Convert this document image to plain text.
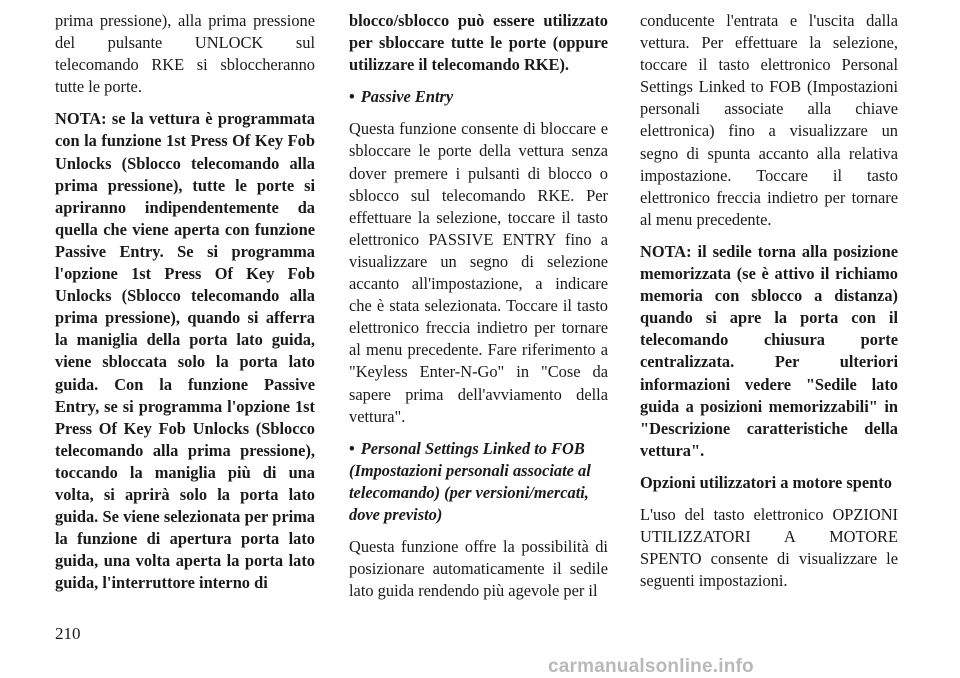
prima pressione), alla prima pressione del pulsante UNLOCK sul telecomando RKE si sbloccheranno tutte le porte.

NOTA: se la vettura è programmata con la funzione 1st Press Of Key Fob Unlocks (Sblocco telecomando alla prima pressione), tutte le porte si apriranno indipendentemente da quella che viene aperta con funzione Passive Entry. Se si programma l'opzione 1st Press Of Key Fob Unlocks (Sblocco telecomando alla prima pressione), quando si afferra la maniglia della porta lato guida, viene sbloccata solo la porta lato guida. Con la funzione Passive Entry, se si programma l'opzione 1st Press Of Key Fob Unlocks (Sblocco telecomando alla prima pressione), toccando la maniglia più di una volta, si aprirà solo la porta lato guida. Se viene selezionata per prima la funzione di apertura porta lato guida, una volta aperta la porta lato guida, l'interruttore interno di

blocco/sblocco può essere utilizzato per sbloccare tutte le porte (oppure utilizzare il telecomando RKE).

• Passive Entry

Questa funzione consente di bloccare e sbloccare le porte della vettura senza dover premere i pulsanti di blocco o sblocco sul telecomando RKE. Per effettuare la selezione, toccare il tasto elettronico PASSIVE ENTRY fino a visualizzare un segno di selezione accanto all'impostazione, a indicare che è stata selezionata. Toccare il tasto elettronico freccia indietro per tornare al menu precedente. Fare riferimento a "Keyless Enter-N-Go" in "Cose da sapere prima dell'avviamento della vettura".

• Personal Settings Linked to FOB (Impostazioni personali associate al telecomando) (per versioni/mercati, dove previsto)

Questa funzione offre la possibilità di posizionare automaticamente il sedile lato guida rendendo più agevole per il

conducente l'entrata e l'uscita dalla vettura. Per effettuare la selezione, toccare il tasto elettronico Personal Settings Linked to FOB (Impostazioni personali associate alla chiave elettronica) fino a visualizzare un segno di spunta accanto alla relativa impostazione. Toccare il tasto elettronico freccia indietro per tornare al menu precedente.

NOTA: il sedile torna alla posizione memorizzata (se è attivo il richiamo memoria con sblocco a distanza) quando si apre la porta con il telecomando chiusura porte centralizzata. Per ulteriori informazioni vedere "Sedile lato guida a posizioni memorizzabili" in "Descrizione caratteristiche della vettura".

Opzioni utilizzatori a motore spento

L'uso del tasto elettronico OPZIONI UTILIZZATORI A MOTORE SPENTO consente di visualizzare le seguenti impostazioni.

210
carmanualsonline.info
